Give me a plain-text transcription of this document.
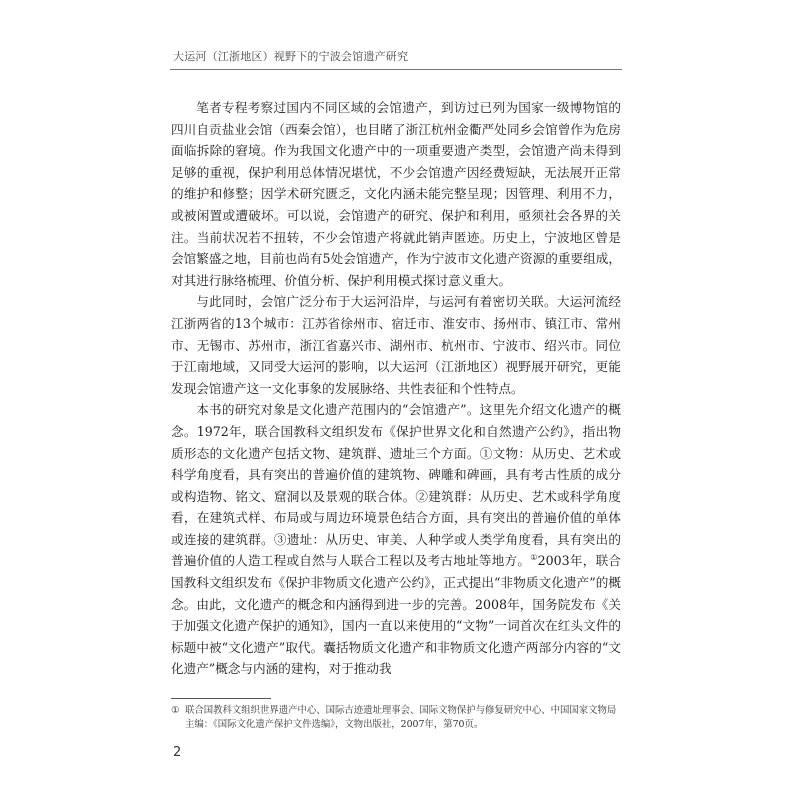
大运河（江浙地区）视野下的宁波会馆遗产研究

笔者专程考察过国内不同区域的会馆遗产，到访过已列为国家一级博物馆的四川自贡盐业会馆（西秦会馆），也目睹了浙江杭州金衢严处同乡会馆曾作为危房面临拆除的窘境。作为我国文化遗产中的一项重要遗产类型，会馆遗产尚未得到足够的重视，保护利用总体情况堪忧，不少会馆遗产因经费短缺，无法展开正常的维护和修整；因学术研究匮乏，文化内涵未能完整呈现；因管理、利用不力，或被闲置或遭破坏。可以说，会馆遗产的研究、保护和利用，亟须社会各界的关注。当前状况若不扭转，不少会馆遗产将就此销声匿迹。历史上，宁波地区曾是会馆繁盛之地，目前也尚有5处会馆遗产，作为宁波市文化遗产资源的重要组成，对其进行脉络梳理、价值分析、保护利用模式探讨意义重大。

与此同时，会馆广泛分布于大运河沿岸，与运河有着密切关联。大运河流经江浙两省的13个城市：江苏省徐州市、宿迁市、淮安市、扬州市、镇江市、常州市、无锡市、苏州市，浙江省嘉兴市、湖州市、杭州市、宁波市、绍兴市。同位于江南地域，又同受大运河的影响，以大运河（江浙地区）视野展开研究，更能发现会馆遗产这一文化事象的发展脉络、共性表征和个性特点。

本书的研究对象是文化遗产范围内的“会馆遗产”。这里先介绍文化遗产的概念。1972年，联合国教科文组织发布《保护世界文化和自然遗产公约》，指出物质形态的文化遗产包括文物、建筑群、遗址三个方面。①文物：从历史、艺术或科学角度看，具有突出的普遍价值的建筑物、碑雕和碑画，具有考古性质的成分或构造物、铭文、窟洞以及景观的联合体。②建筑群：从历史、艺术或科学角度看，在建筑式样、布局或与周边环境景色结合方面，具有突出的普遍价值的单体或连接的建筑群。③遗址：从历史、审美、人种学或人类学角度看，具有突出的普遍价值的人造工程或自然与人联合工程以及考古地址等地方。①2003年，联合国教科文组织发布《保护非物质文化遗产公约》，正式提出“非物质文化遗产”的概念。由此，文化遗产的概念和内涵得到进一步的完善。2008年，国务院发布《关于加强文化遗产保护的通知》，国内一直以来使用的“文物”一词首次在红头文件的标题中被“文化遗产”取代。囊括物质文化遗产和非物质文化遗产两部分内容的“文化遗产”概念与内涵的建构，对于推动我

① 联合国教科文组织世界遗产中心、国际古迹遗址理事会、国际文物保护与修复研究中心、中国国家文物局主编：《国际文化遗产保护文件选编》，文物出版社，2007年，第70页。
2
